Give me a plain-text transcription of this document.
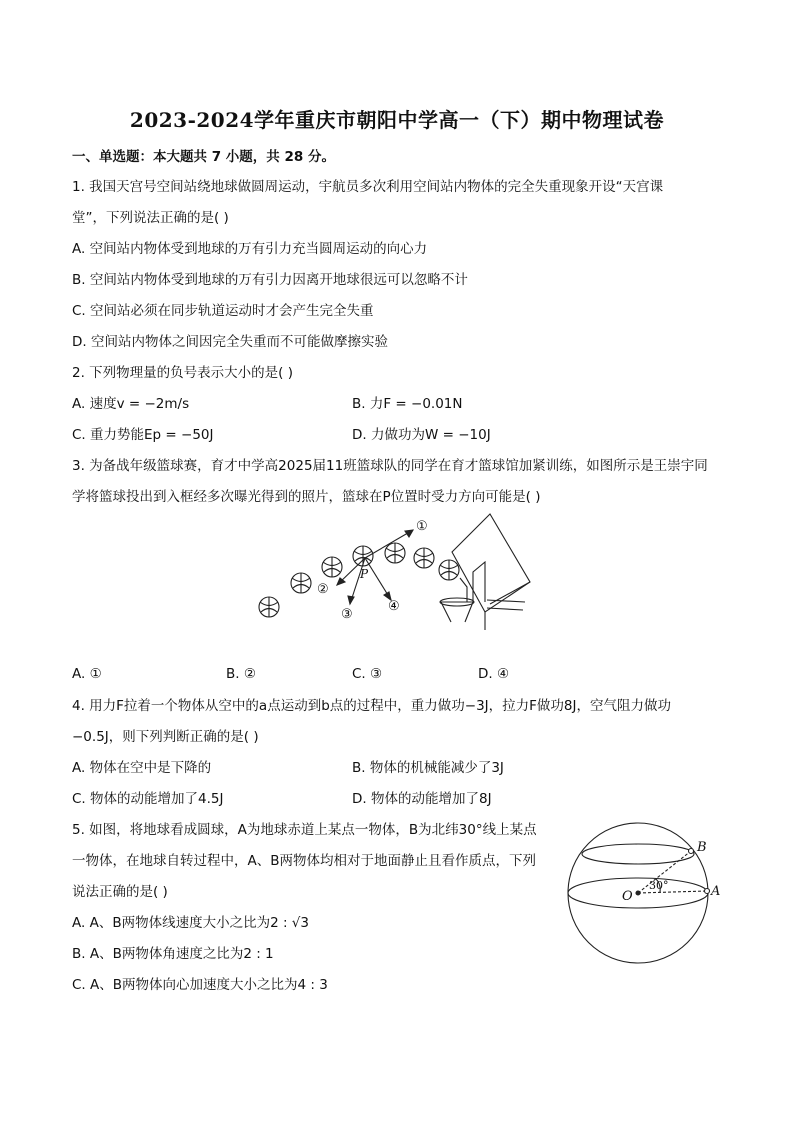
2023-2024学年重庆市朝阳中学高一（下）期中物理试卷
一、单选题：本大题共 7 小题，共 28 分。
1. 我国天宫号空间站绕地球做圆周运动，宇航员多次利用空间站内物体的完全失重现象开设“天宫课
堂”，下列说法正确的是( )
A. 空间站内物体受到地球的万有引力充当圆周运动的向心力
B. 空间站内物体受到地球的万有引力因离开地球很远可以忽略不计
C. 空间站必须在同步轨道运动时才会产生完全失重
D. 空间站内物体之间因完全失重而不可能做摩擦实验
2. 下列物理量的负号表示大小的是( )
A. 速度v = −2m/s	B. 力F = −0.01N
C. 重力势能Ep = −50J	D. 力做功为W = −10J
3. 为备战年级篮球赛，育才中学高2025届11班篮球队的同学在育才篮球馆加紧训练，如图所示是王崇宇同
学将篮球投出到入框经多次曝光得到的照片，篮球在P位置时受力方向可能是( )
①
②
③
④
P
A. ①	B. ②	C. ③	D. ④
4. 用力F拉着一个物体从空中的a点运动到b点的过程中，重力做功−3J，拉力F做功8J，空气阻力做功
−0.5J，则下列判断正确的是( )
A. 物体在空中是下降的	B. 物体的机械能减少了3J
C. 物体的动能增加了4.5J	D. 物体的动能增加了8J
5. 如图，将地球看成圆球，A为地球赤道上某点一物体，B为北纬30°线上某点
一物体，在地球自转过程中，A、B两物体均相对于地面静止且看作质点，下列
说法正确的是( )
A. A、B两物体线速度大小之比为2 : √3
B. A、B两物体角速度之比为2 : 1
C. A、B两物体向心加速度大小之比为4 : 3
O	A
B
30°
